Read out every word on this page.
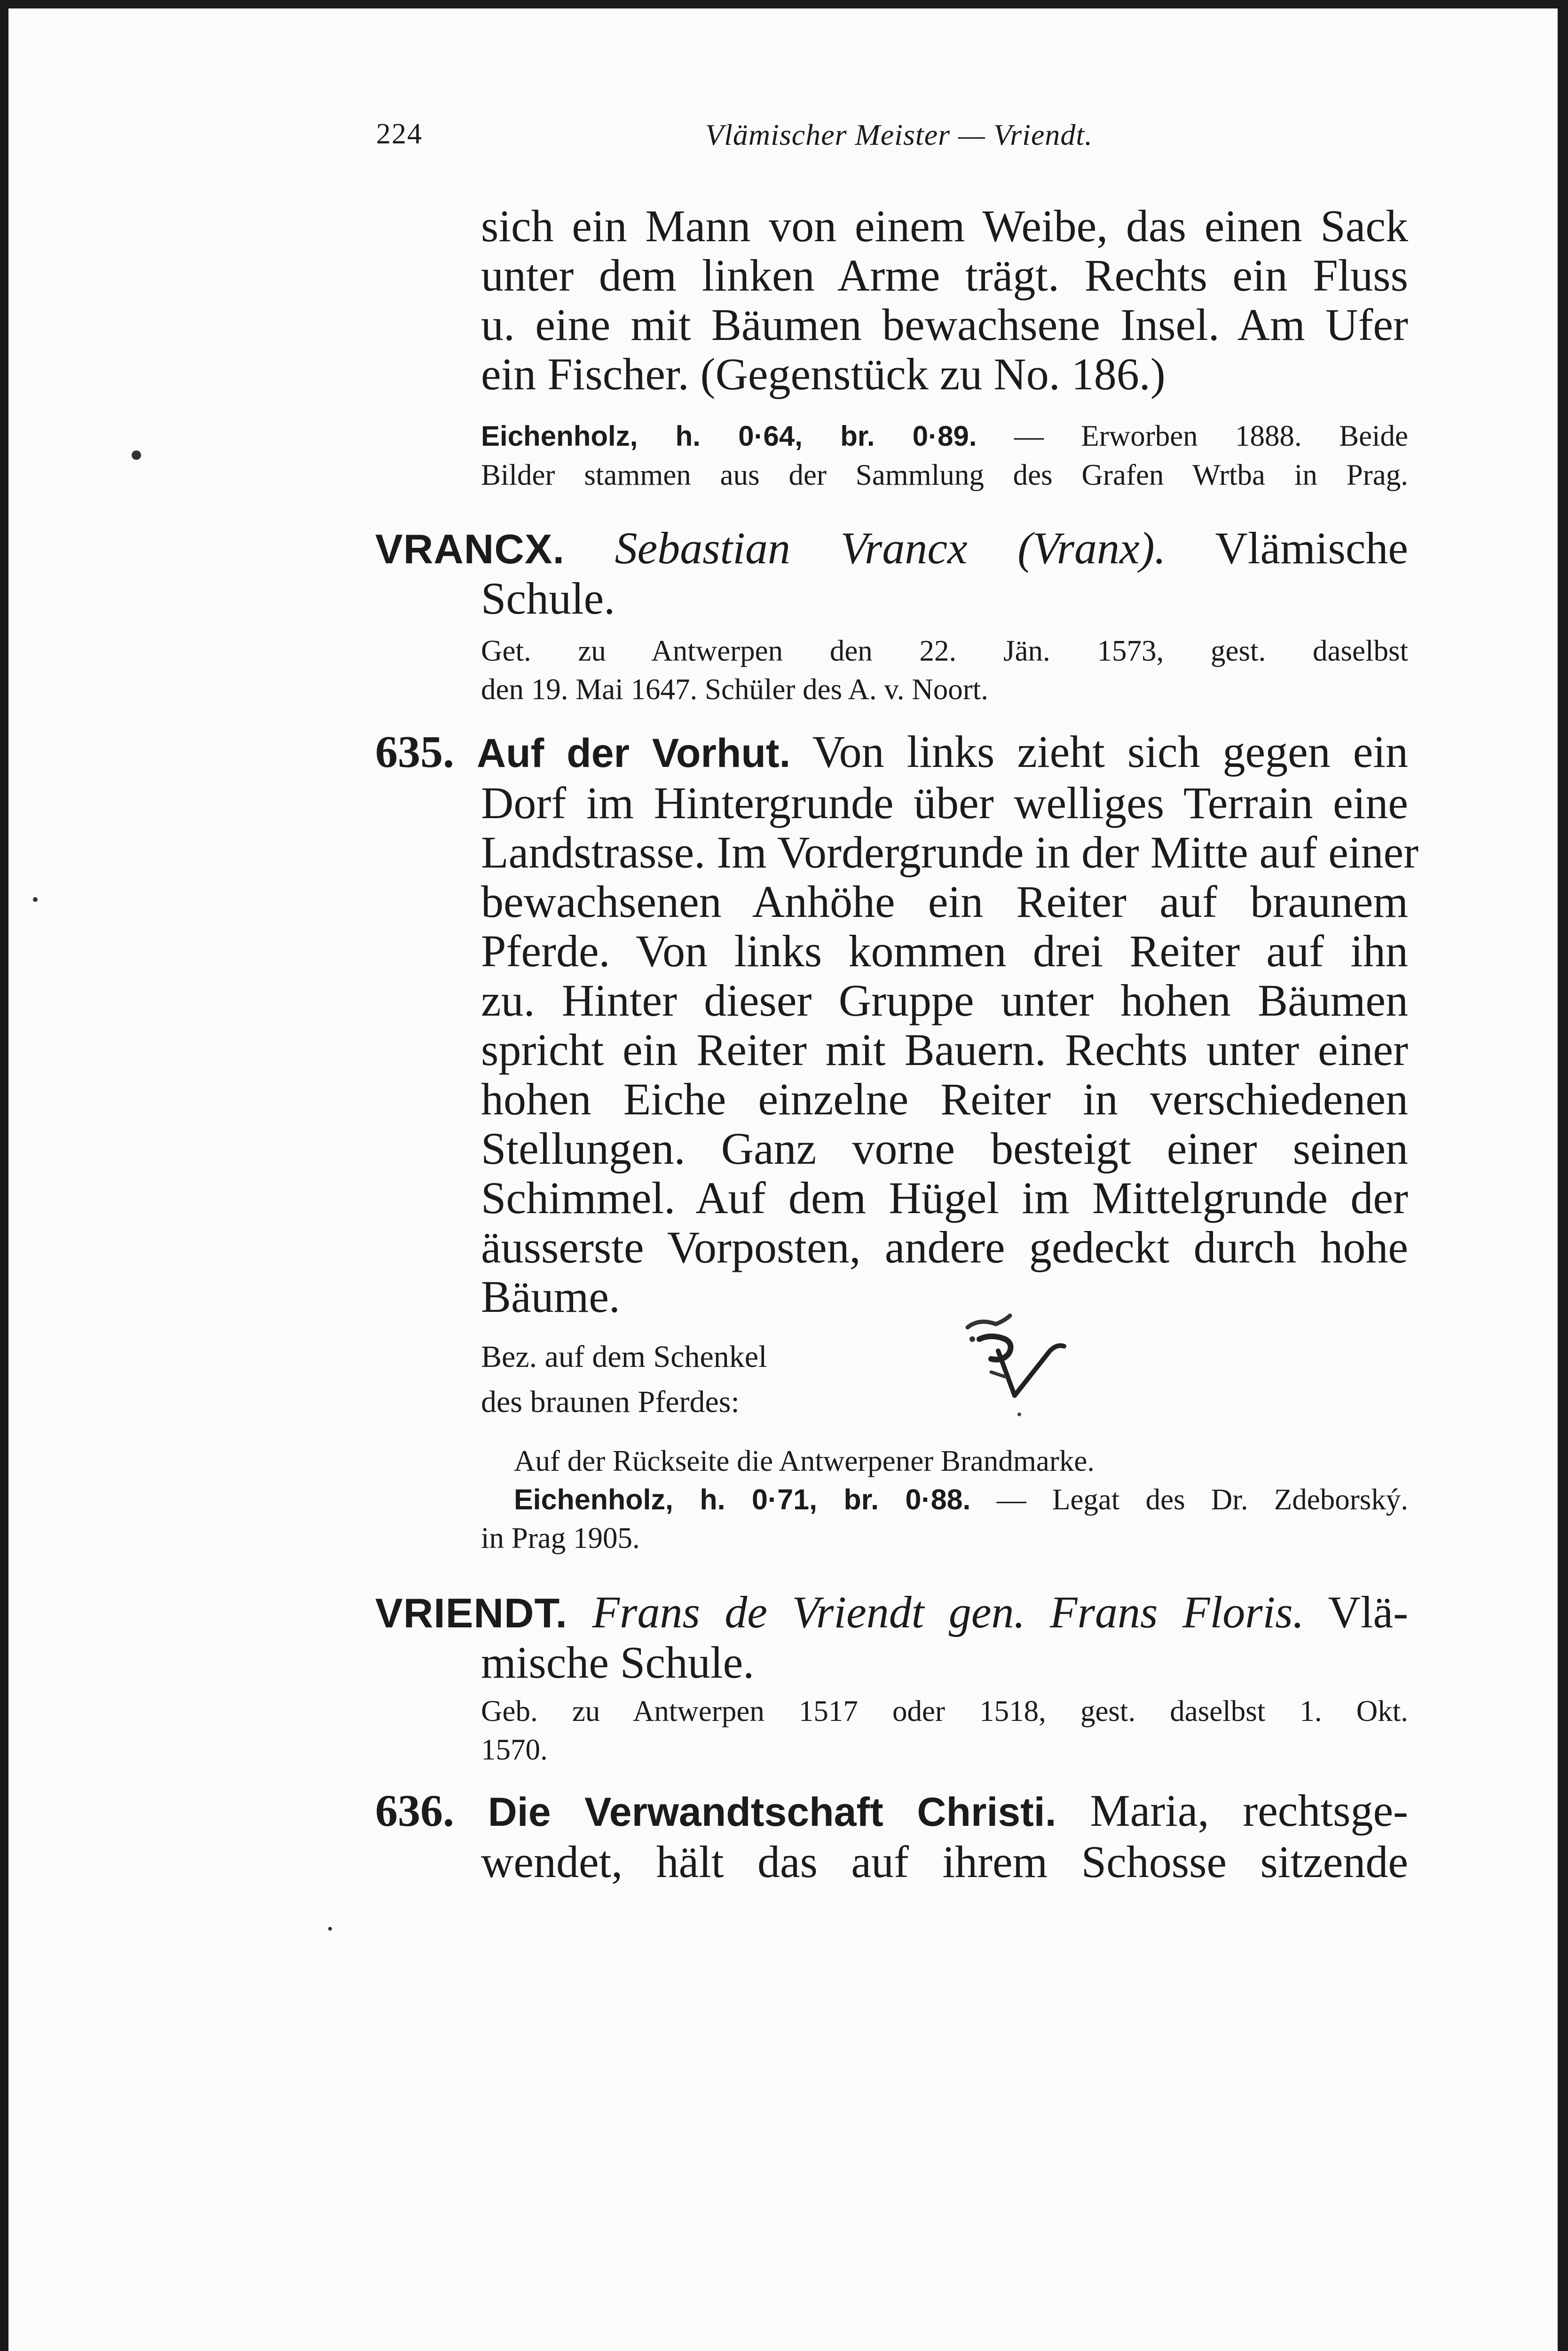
224	Vlämischer Meister — Vriendt.
sich ein Mann von einem Weibe, das einen Sack
unter dem linken Arme trägt. Rechts ein Fluss
u. eine mit Bäumen bewachsene Insel. Am Ufer
ein Fischer. (Gegenstück zu No. 186.)
Eichenholz, h. 0·64, br. 0·89. — Erworben 1888. Beide
Bilder stammen aus der Sammlung des Grafen Wrtba in Prag.
VRANCX. Sebastian Vrancx (Vranx). Vlämische
Schule.
Get. zu Antwerpen den 22. Jän. 1573, gest. daselbst
den 19. Mai 1647. Schüler des A. v. Noort.
635. Auf der Vorhut. Von links zieht sich gegen ein
Dorf im Hintergrunde über welliges Terrain eine
Landstrasse. Im Vordergrunde in der Mitte auf einer
bewachsenen Anhöhe ein Reiter auf braunem
Pferde. Von links kommen drei Reiter auf ihn
zu. Hinter dieser Gruppe unter hohen Bäumen
spricht ein Reiter mit Bauern. Rechts unter einer
hohen Eiche einzelne Reiter in verschiedenen
Stellungen. Ganz vorne besteigt einer seinen
Schimmel. Auf dem Hügel im Mittelgrunde der
äusserste Vorposten, andere gedeckt durch hohe
Bäume.
Bez. auf dem Schenkel
des braunen Pferdes:
Auf der Rückseite die Antwerpener Brandmarke.
Eichenholz, h. 0·71, br. 0·88. — Legat des Dr. Zdeborský.
in Prag 1905.
VRIENDT. Frans de Vriendt gen. Frans Floris. Vlä-
mische Schule.
Geb. zu Antwerpen 1517 oder 1518, gest. daselbst 1. Okt.
1570.
636. Die Verwandtschaft Christi. Maria, rechtsge-
wendet, hält das auf ihrem Schosse sitzende
